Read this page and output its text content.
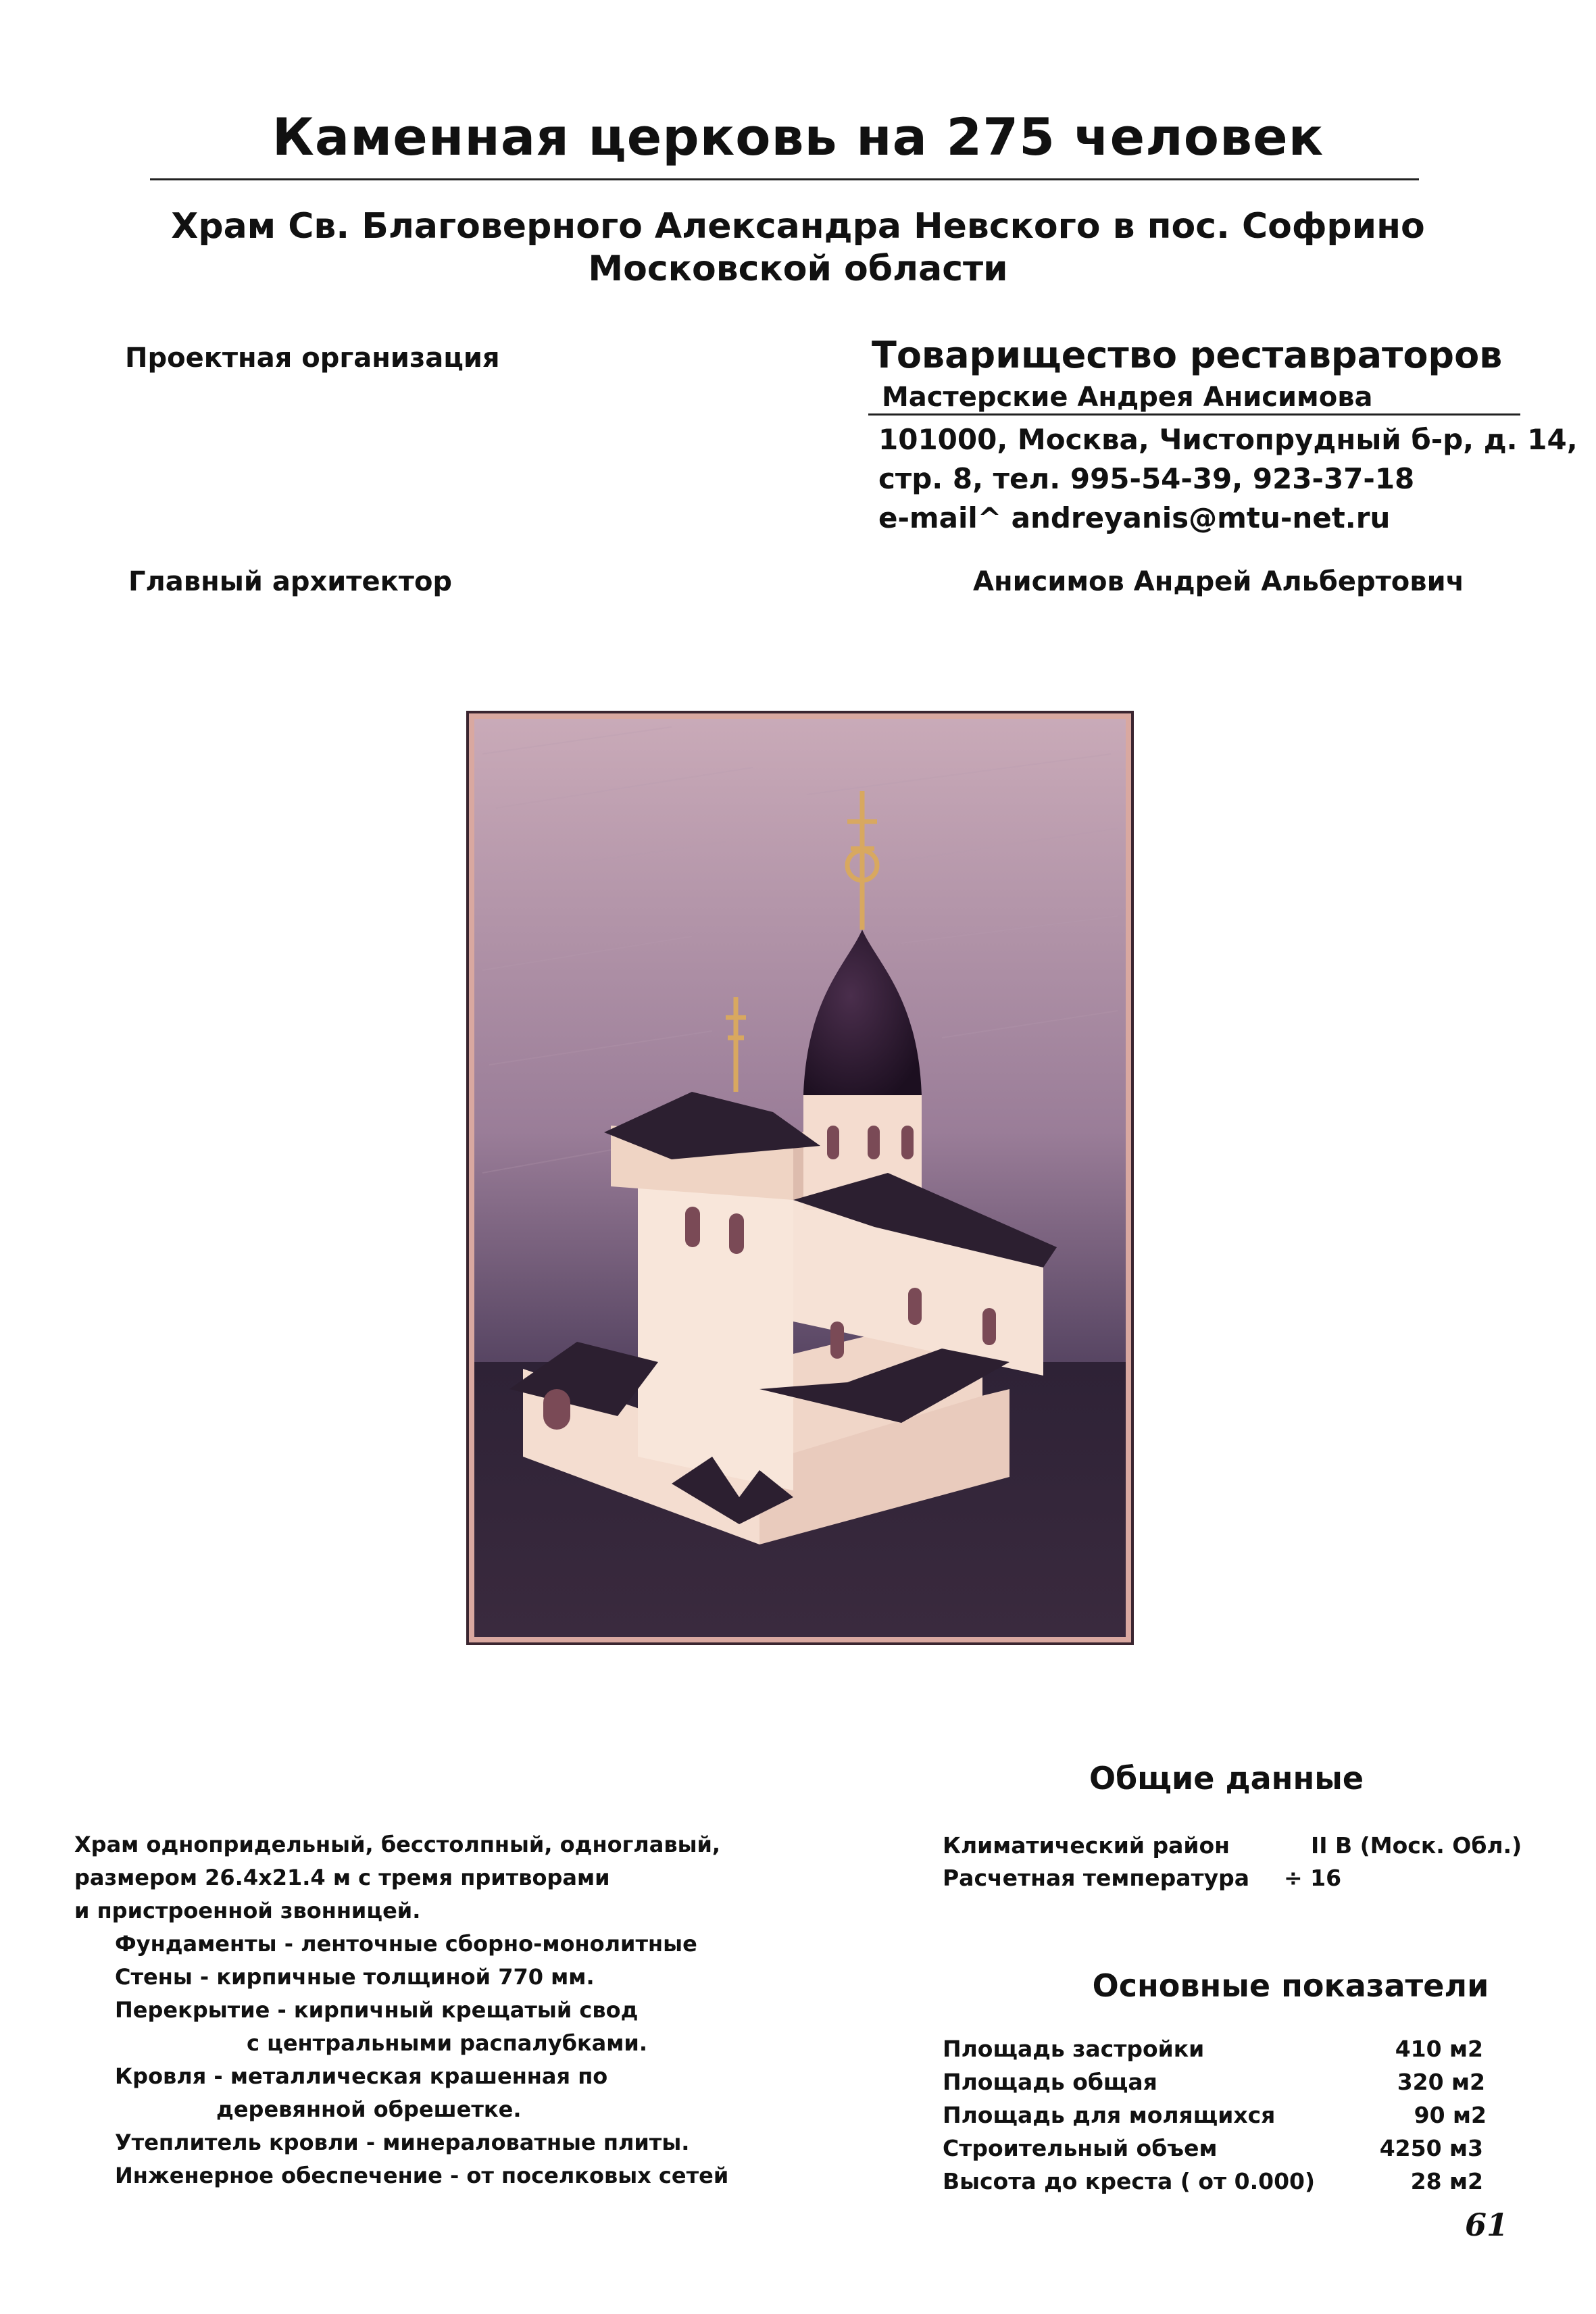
Каменная церковь на 275 человек
Храм Св. Благоверного Александра Невского в пос. Софрино
Московской области
Проектная организация	Товарищество реставраторов
Мастерские Андрея Анисимова
101000, Москва, Чистопрудный б-р, д. 14,
стр. 8, тел. 995-54-39, 923-37-18
e-mail^ andreyanis@mtu-net.ru
Главный архитектор	Анисимов Андрей Альбертович
Храм однопридельный, бесстолпный, одноглавый,
размером 26.4x21.4 м с тремя притворами
и пристроенной звонницей.
Фундаменты - ленточные сборно-монолитные
Стены - кирпичные толщиной 770 мм.
Перекрытие - кирпичный крещатый свод
с центральными распалубками.
Кровля - металлическая крашенная по
деревянной обрешетке.
Утеплитель кровли - минераловатные плиты.
Инженерное обеспечение - от поселковых сетей
Общие данные
Климатический район	II B (Моск. Обл.)
Расчетная температура ÷ 16
Основные показатели
Площадь застройки	410 м2
Площадь общая	320 м2
Площадь для молящихся	90 м2
Строительный объем	4250 м3
Высота до креста ( от 0.000)	28 м2
61
